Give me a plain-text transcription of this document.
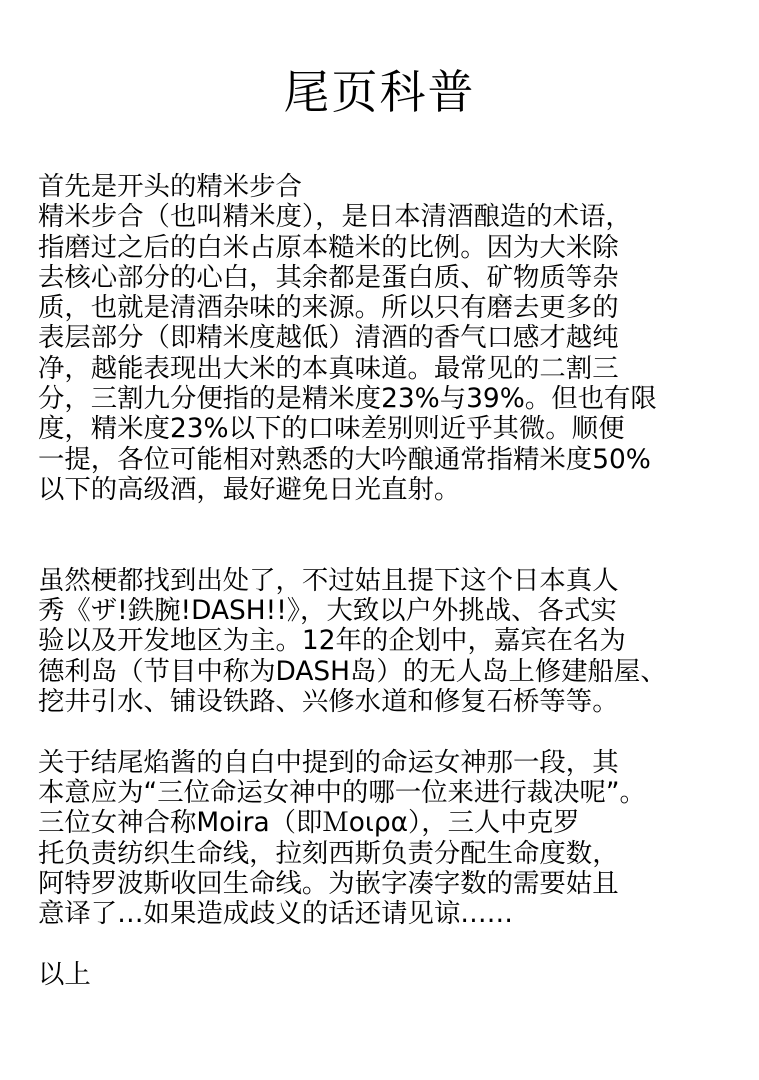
尾页科普
首先是开头的精米步合
精米步合（也叫精米度），是日本清酒酿造的术语，
指磨过之后的白米占原本糙米的比例。因为大米除
去核心部分的心白，其余都是蛋白质、矿物质等杂
质，也就是清酒杂味的来源。所以只有磨去更多的
表层部分（即精米度越低）清酒的香气口感才越纯
净，越能表现出大米的本真味道。最常见的二割三
分，三割九分便指的是精米度23%与39%。但也有限
度，精米度23%以下的口味差别则近乎其微。顺便
一提，各位可能相对熟悉的大吟酿通常指精米度50%
以下的高级酒，最好避免日光直射。
虽然梗都找到出处了，不过姑且提下这个日本真人
秀《ザ!鉄腕!DASH!!》，大致以户外挑战、各式实
验以及开发地区为主。12年的企划中，嘉宾在名为
德利岛（节目中称为DASH岛）的无人岛上修建船屋、
挖井引水、铺设铁路、兴修水道和修复石桥等等。
关于结尾焰酱的自白中提到的命运女神那一段，其
本意应为“三位命运女神中的哪一位来进行裁决呢”。
三位女神合称Moira（即Ｍοιρα），三人中克罗
托负责纺织生命线，拉刻西斯负责分配生命度数，
阿特罗波斯收回生命线。为嵌字凑字数的需要姑且
意译了…如果造成歧义的话还请见谅……
以上
